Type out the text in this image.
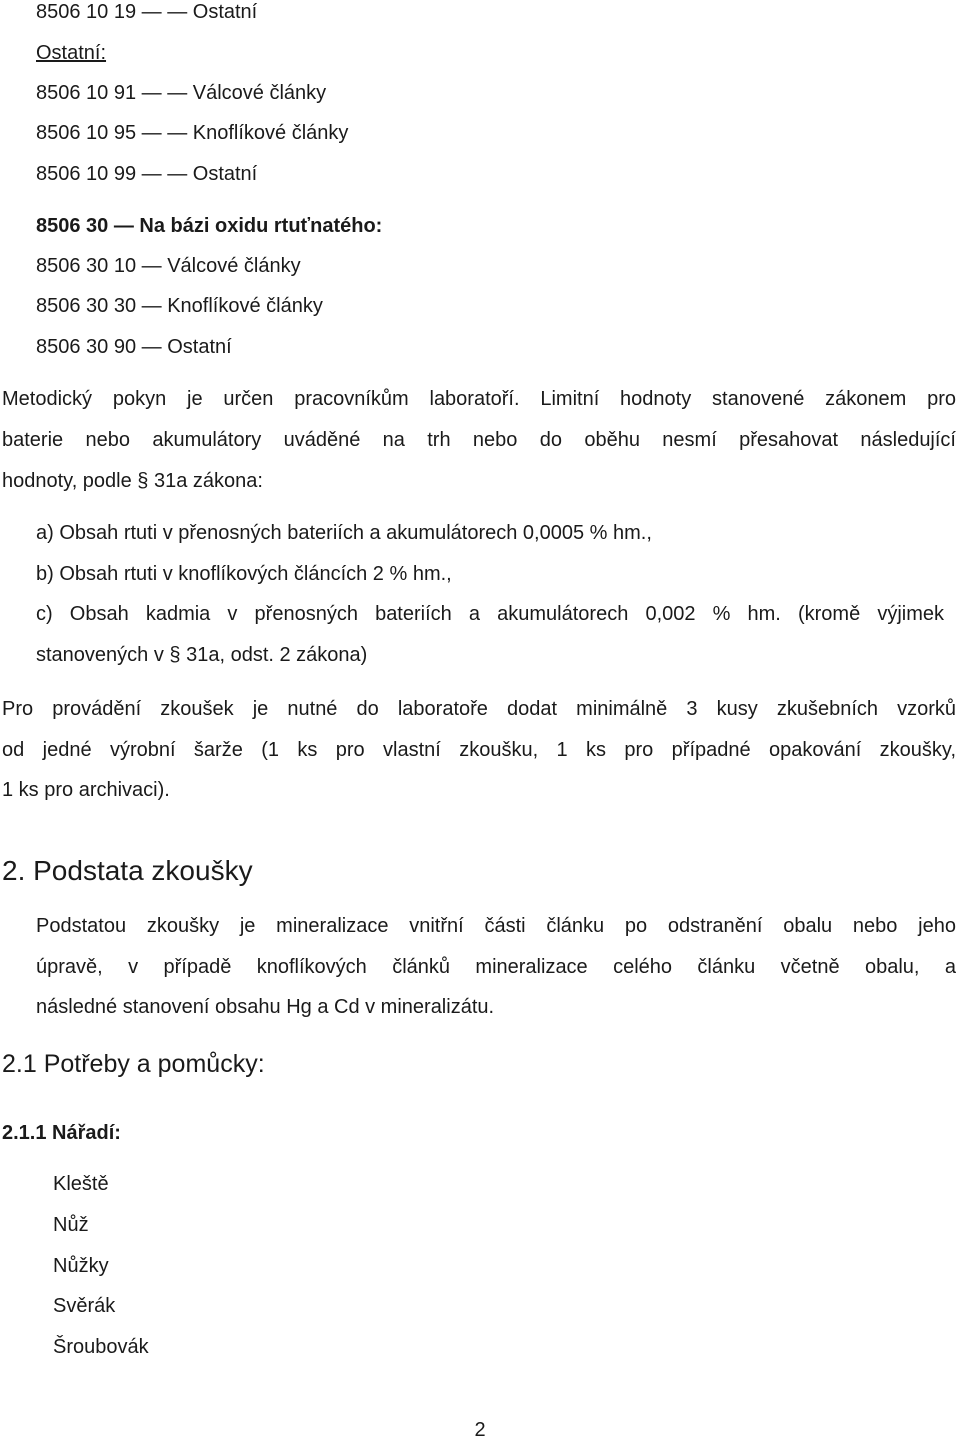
8506 10 19 — — Ostatní
Ostatní:
8506 10 91 — — Válcové články
8506 10 95 — — Knoflíkové články
8506 10 99 — — Ostatní
8506 30 — Na bázi oxidu rtuťnatého:
8506 30 10 — Válcové články
8506 30 30 — Knoflíkové články
8506 30 90 — Ostatní
Metodický pokyn je určen pracovníkům laboratoří. Limitní hodnoty stanovené zákonem pro
baterie nebo akumulátory uváděné na trh nebo do oběhu nesmí přesahovat následující
hodnoty, podle § 31a zákona:
a) Obsah rtuti v přenosných bateriích a akumulátorech 0,0005 % hm.,
b) Obsah rtuti v knoflíkových článcích 2 % hm.,
c) Obsah kadmia v přenosných bateriích a akumulátorech 0,002 % hm. (kromě výjimek
stanovených v § 31a, odst. 2 zákona)
Pro provádění zkoušek je nutné do laboratoře dodat minimálně 3 kusy zkušebních vzorků
od jedné výrobní šarže (1 ks pro vlastní zkoušku, 1 ks pro případné opakování zkoušky,
1 ks pro archivaci).
2. Podstata zkoušky
Podstatou zkoušky je mineralizace vnitřní části článku po odstranění obalu nebo jeho
úpravě, v případě knoflíkových článků mineralizace celého článku včetně obalu, a
následné stanovení obsahu Hg a Cd v mineralizátu.
2.1 Potřeby a pomůcky:
2.1.1 Nářadí:
Kleště
Nůž
Nůžky
Svěrák
Šroubovák
2
